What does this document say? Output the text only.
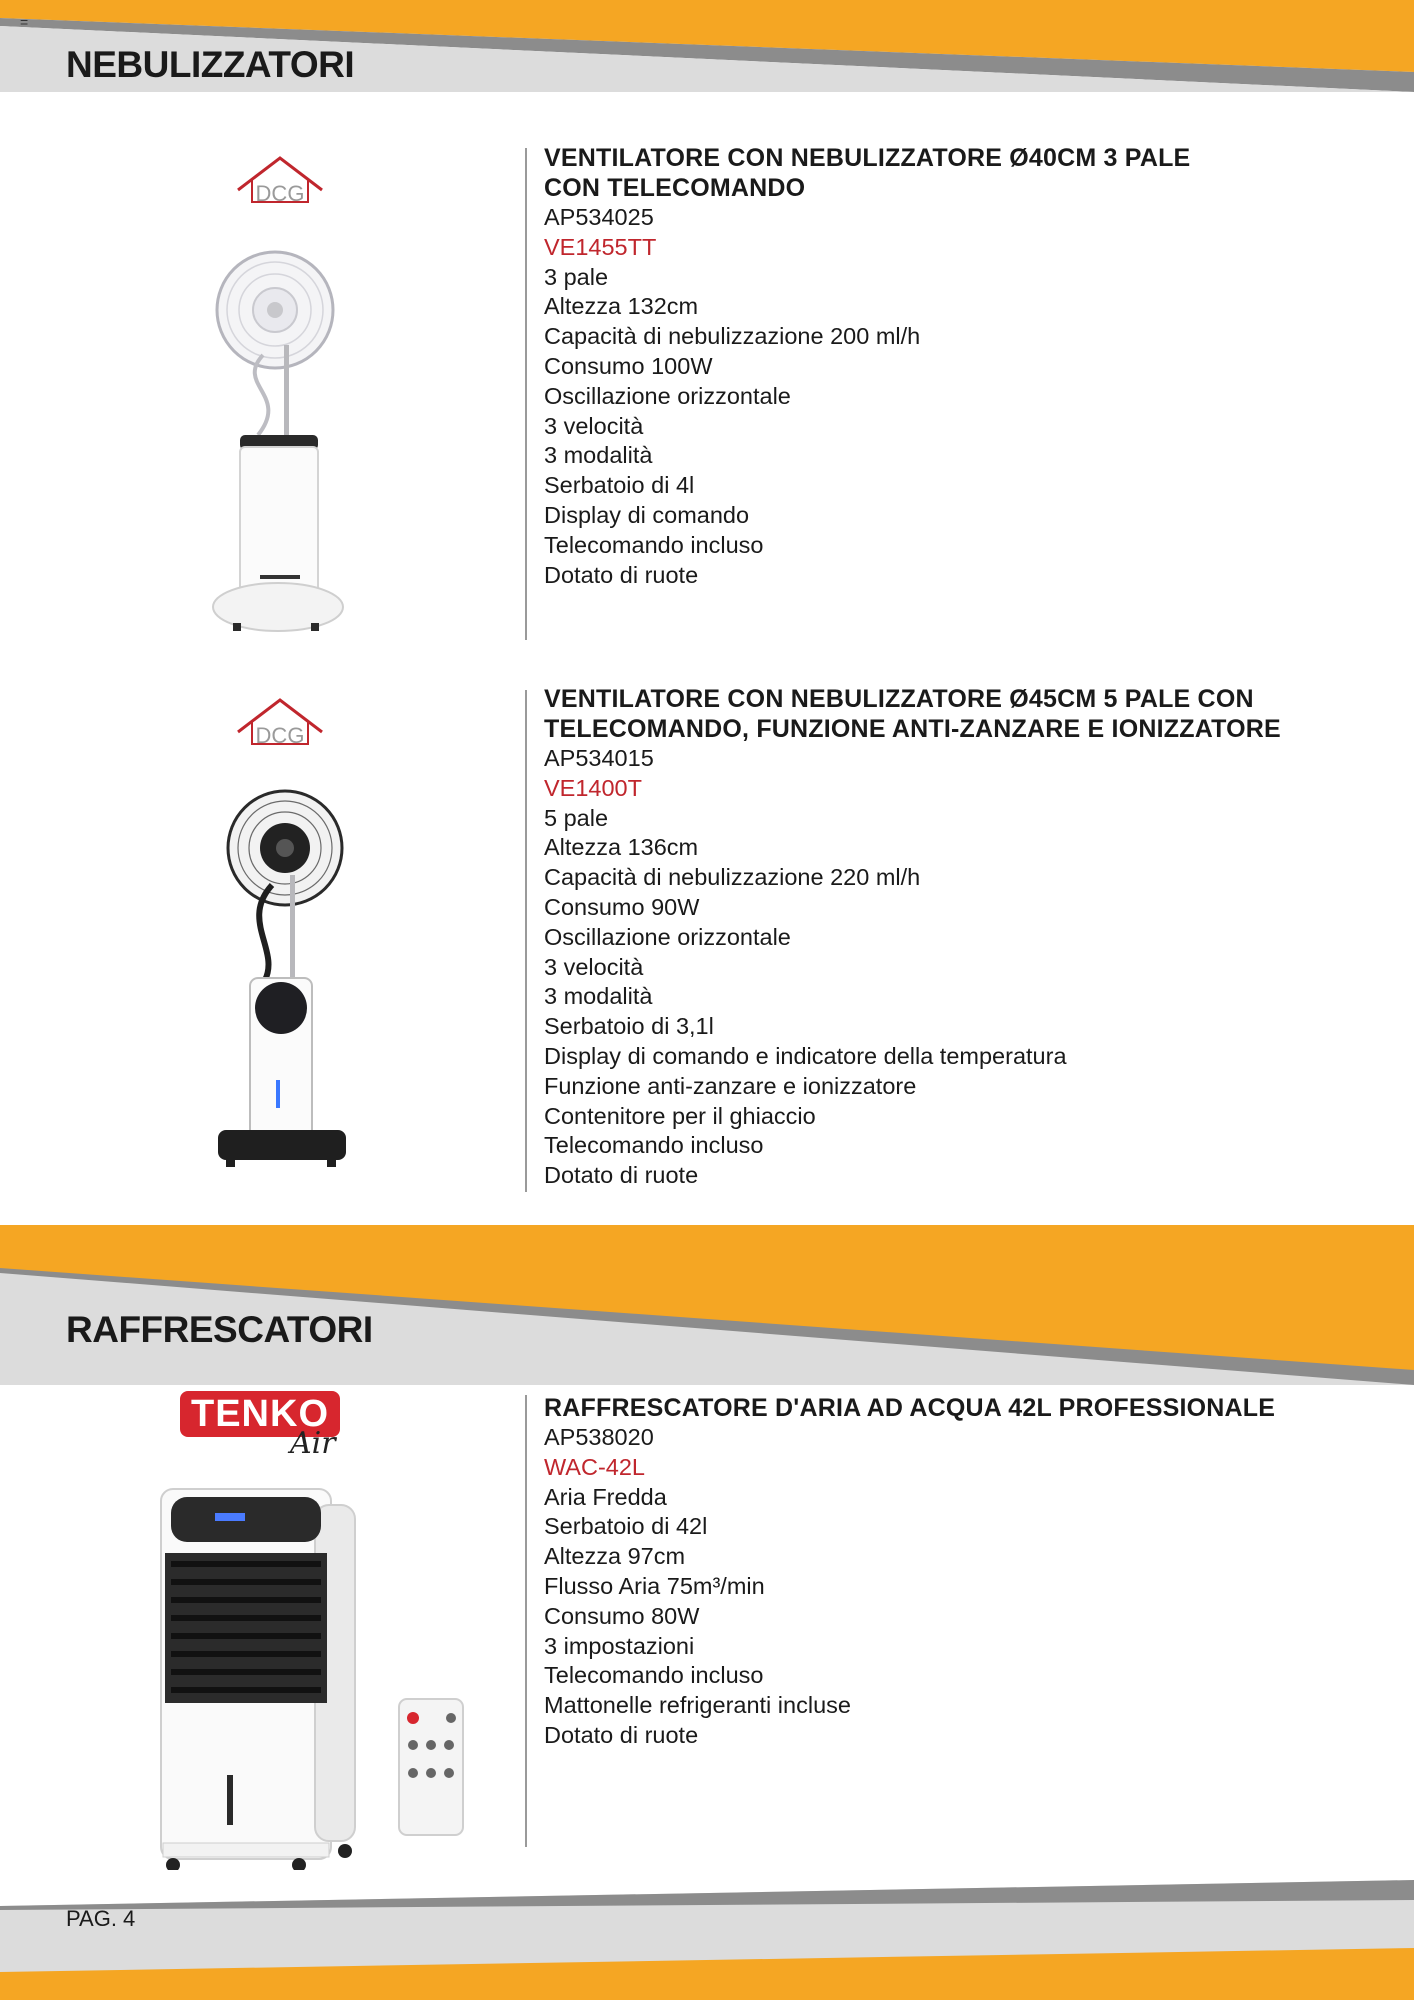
=
NEBULIZZATORI
DCG
VENTILATORE CON NEBULIZZATORE Ø40CM 3 PALE
CON TELECOMANDO
AP534025
VE1455TT
3 pale
Altezza 132cm
Capacità di nebulizzazione 200 ml/h
Consumo 100W
Oscillazione orizzontale
3 velocità
3 modalità
Serbatoio di 4l
Display di comando
Telecomando incluso
Dotato di ruote
DCG
VENTILATORE CON NEBULIZZATORE Ø45CM 5 PALE CON
TELECOMANDO, FUNZIONE ANTI-ZANZARE E IONIZZATORE
AP534015
VE1400T
5 pale
Altezza 136cm
Capacità di nebulizzazione 220 ml/h
Consumo 90W
Oscillazione orizzontale
3 velocità
3 modalità
Serbatoio di 3,1l
Display di comando e indicatore della temperatura
Funzione anti-zanzare e ionizzatore
Contenitore per il ghiaccio
Telecomando incluso
Dotato di ruote
RAFFRESCATORI
TENKO
Air
RAFFRESCATORE D'ARIA AD ACQUA 42L PROFESSIONALE
AP538020
WAC-42L
Aria Fredda
Serbatoio di 42l
Altezza 97cm
Flusso Aria 75m³/min
Consumo 80W
3 impostazioni
Telecomando incluso
Mattonelle refrigeranti incluse
Dotato di ruote
PAG. 4
